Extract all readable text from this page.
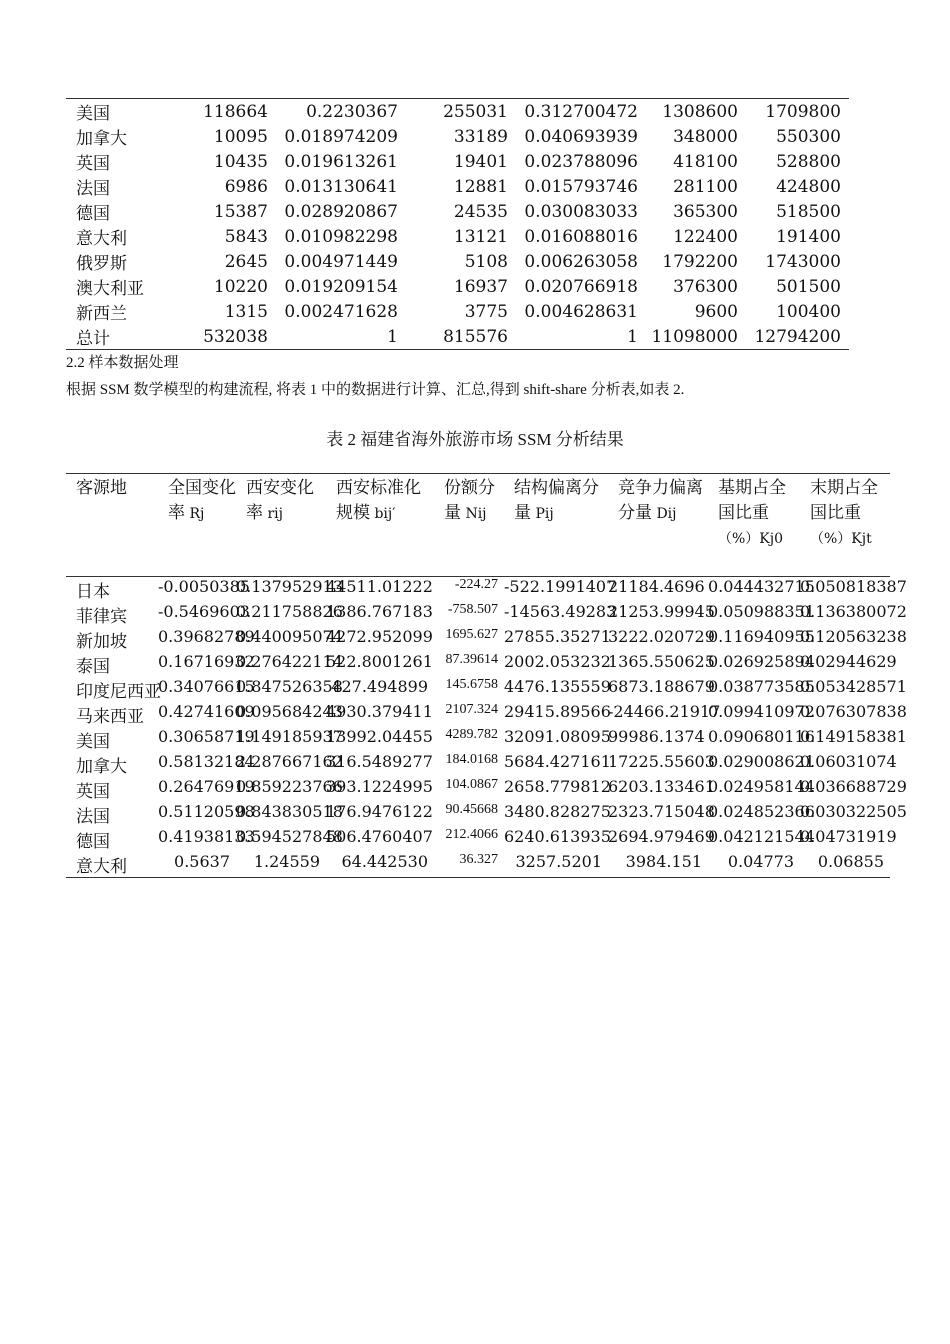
美国	118664	0.2230367	255031	0.312700472	1308600	1709800
加拿大	10095	0.018974209	33189	0.040693939	348000	550300
英国	10435	0.019613261	19401	0.023788096	418100	528800
法国	6986	0.013130641	12881	0.015793746	281100	424800
德国	15387	0.028920867	24535	0.030083033	365300	518500
意大利	5843	0.010982298	13121	0.016088016	122400	191400
俄罗斯	2645	0.004971449	5108	0.006263058	1792200	1743000
澳大利亚	10220	0.019209154	16937	0.020766918	376300	501500
新西兰	1315	0.002471628	3775	0.004628631	9600	100400
总计	532038	1	815576	1	11098000	12794200
2.2 样本数据处理
根据 SSM 数学模型的构建流程, 将表 1 中的数据进行计算、汇总,得到 shift-share 分析表,如表 2.
表 2 福建省海外旅游市场 SSM 分析结果
客源地	全国变化率 Rj	西安变化率 rij	西安标准化规模 bij′	份额分量 Nij	结构偏离分量 Pij	竞争力偏离分量 Dij	基期占全国比重 （%）Kj0	末期占全国比重 （%）Kjt
日本	-0.0050385	0.137952913	44511.01222	-224.27	-522.1991407	21184.4696	0.044432715	0.050818387
菲律宾	-0.5469603	0.211758826	1386.767183	-758.507	-14563.49283	21253.99945	0.050988351	0.136380072
新加坡	0.39682789	0.440095074	4272.952099	1695.627	27855.35271	3222.020729	0.116940955	0.120563238
泰国	0.16716932	0.276422114	522.8001261	87.39614	2002.053232	1365.550625	0.026925894	0.02944629
印度尼西亚	0.34076615	0.847526358	427.494899	145.6758	4476.135559	6873.188679	0.038773585	0.053428571
马来西亚	0.42741609	0.095684243	4930.379411	2107.324	29415.89566	-24466.21917	0.099410972	0.076307838
美国	0.30658719	1.149185937	13992.04455	4289.782	32091.08095	99986.1374	0.090680116	0.149158381
加拿大	0.58132184	2.287667162	316.5489277	184.0168	5684.427161	17225.55603	0.029008621	0.06031074
英国	0.26476919	0.859223766	393.1224995	104.0867	2658.779812	6203.133461	0.024958144	0.036688729
法国	0.51120598	0.843830518	176.9476122	90.45668	3480.828275	2323.715048	0.024852366	0.030322505
德国	0.41938133	0.594527848	506.4760407	212.4066	6240.613935	2694.979469	0.042121544	0.04731919
意大利	0.5637	1.24559	64.442530	36.327	3257.5201	3984.151	0.04773	0.06855
